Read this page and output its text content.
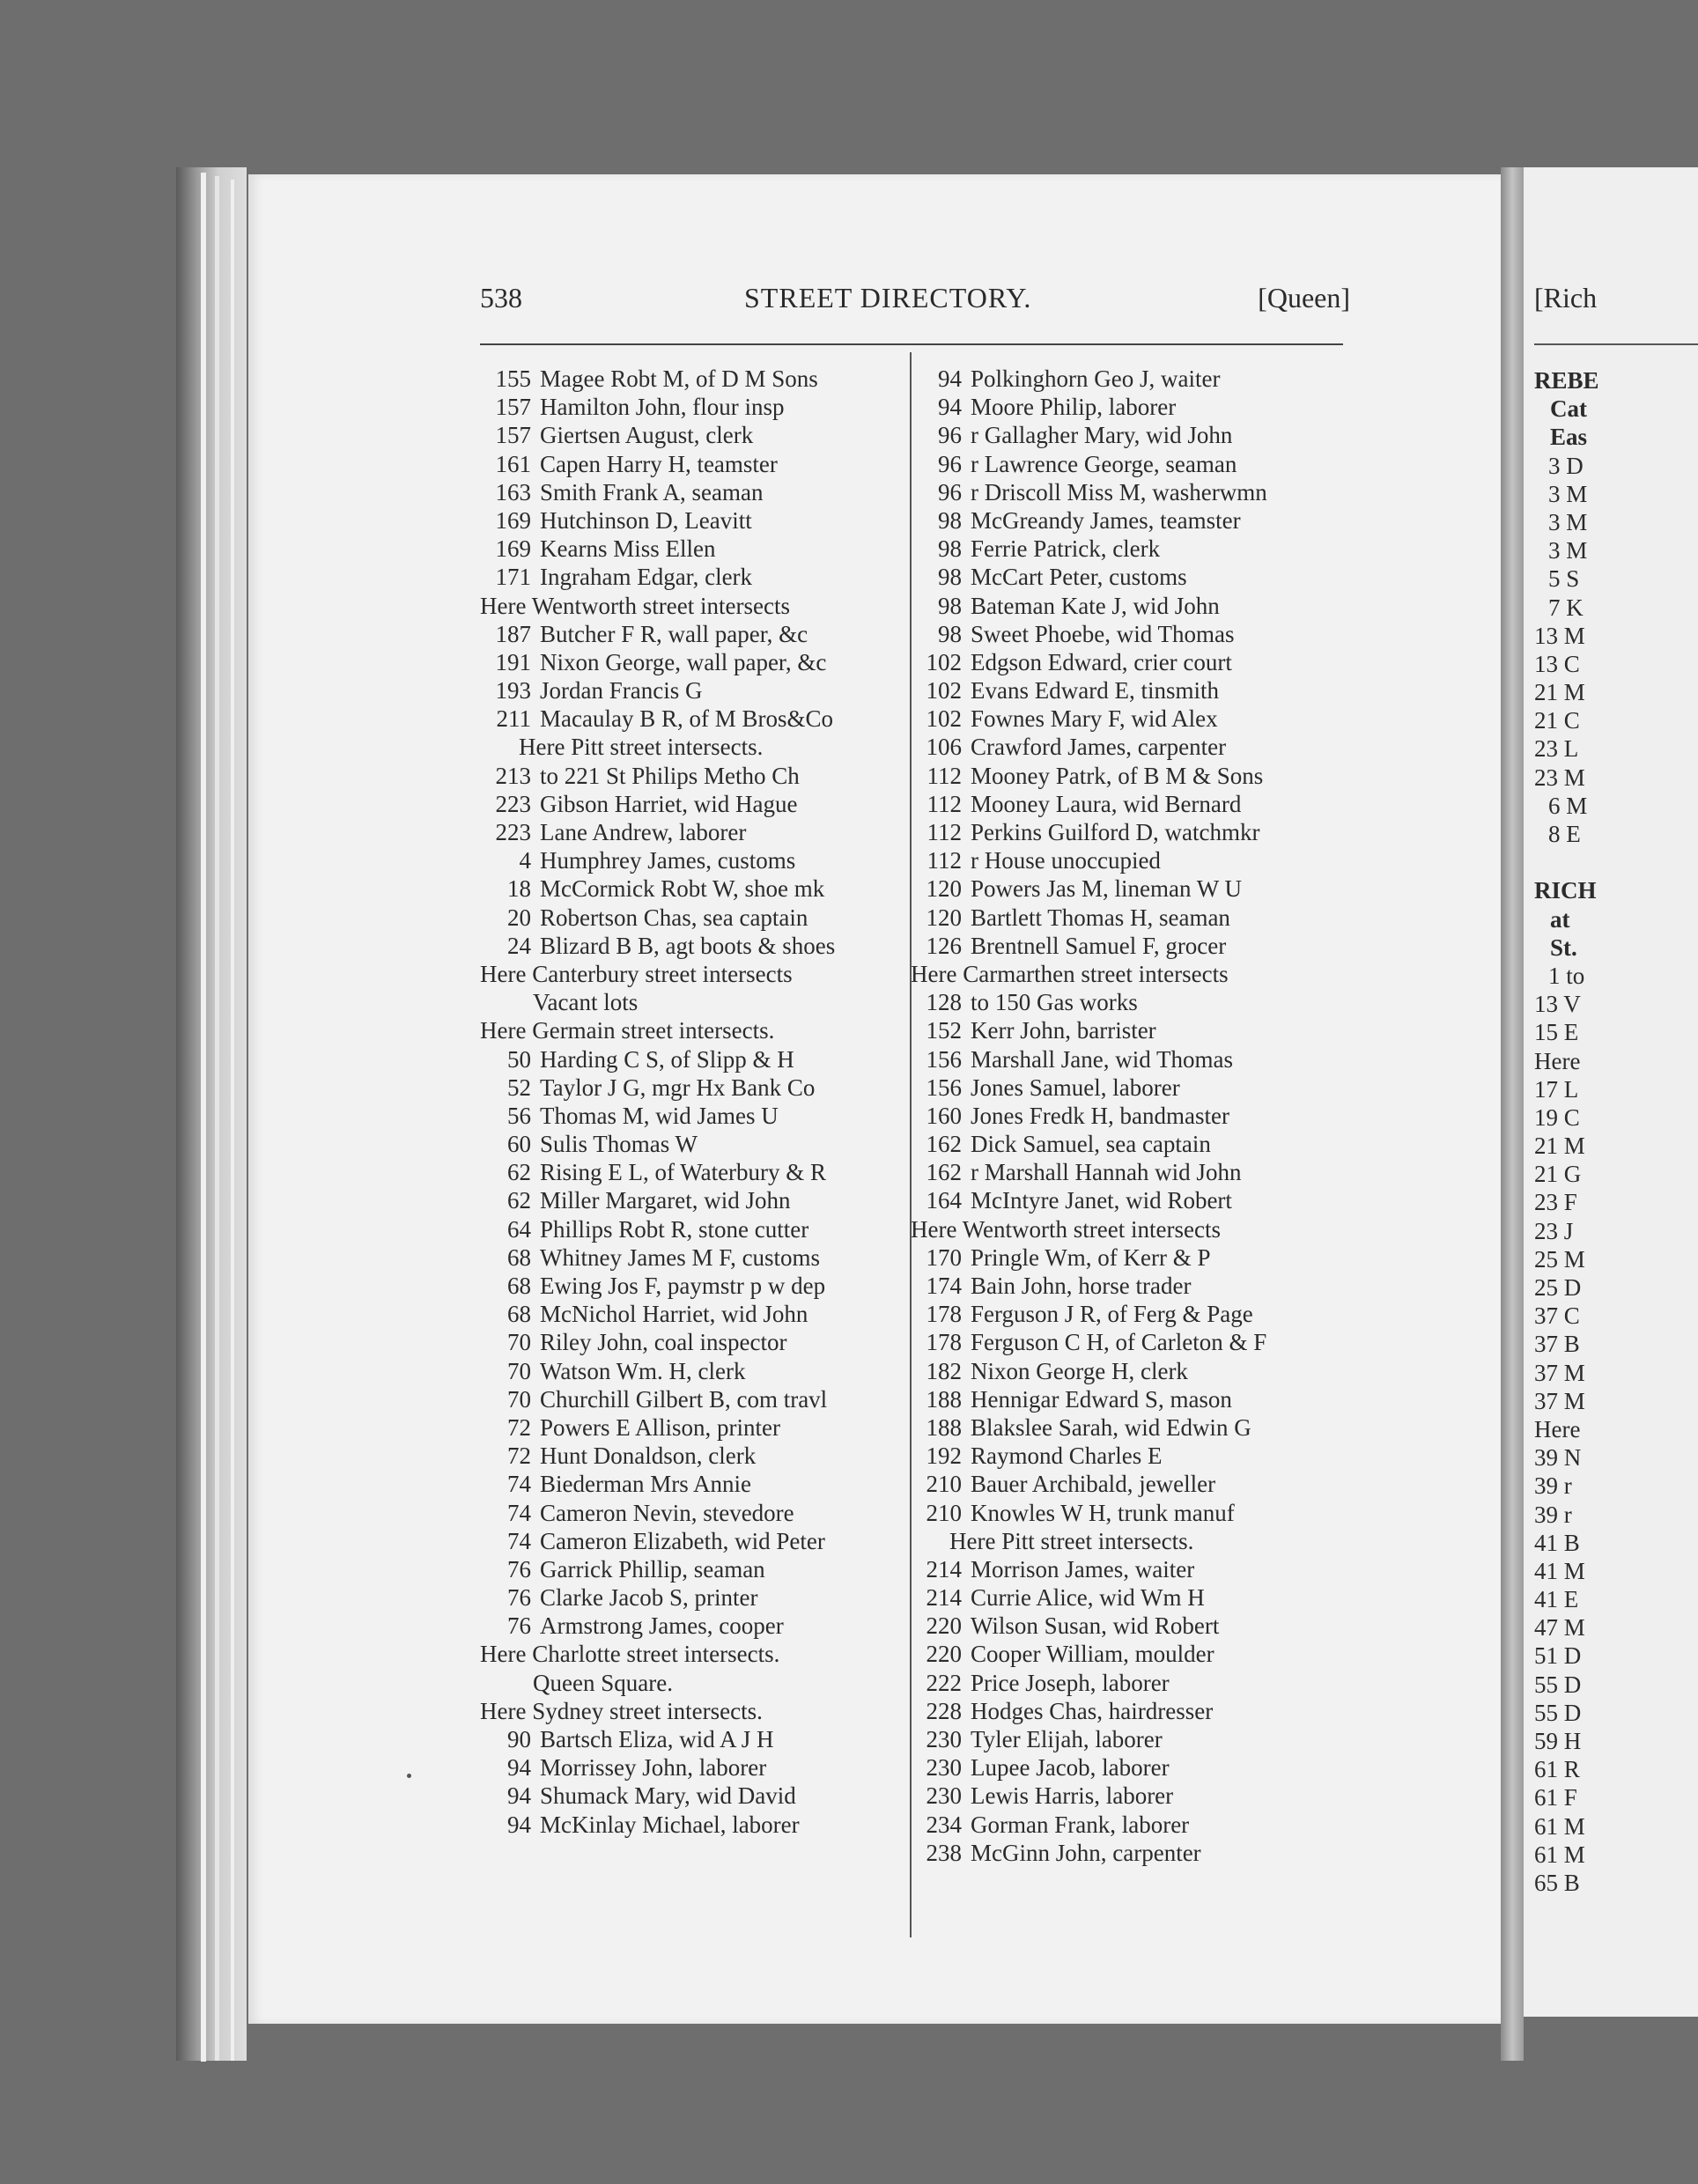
[Rich
REBE
Cat
Eas
3 D
3 M
3 M
3 M
5 S
7 K
13 M
13 C
21 M
21 C
23 L
23 M
6 M
8 E
RICH
at
St.
1 to
13 V
15 E
Here
17 L
19 C
21 M
21 G
23 F
23 J
25 M
25 D
37 C
37 B
37 M
37 M
Here
39 N
39 r
39 r
41 B
41 M
41 E
47 M
51 D
55 D
55 D
59 H
61 R
61 F
61 M
61 M
65 B
538	STREET DIRECTORY.	[Queen]
155 Magee Robt M, of D M Sons
157 Hamilton John, flour insp
157 Giertsen August, clerk
161 Capen Harry H, teamster
163 Smith Frank A, seaman
169 Hutchinson D, Leavitt
169 Kearns Miss Ellen
171 Ingraham Edgar, clerk
Here Wentworth street intersects
187 Butcher F R, wall paper, &c
191 Nixon George, wall paper, &c
193 Jordan Francis G
211 Macaulay B R, of M Bros&Co
Here Pitt street intersects.
213 to 221 St Philips Metho Ch
223 Gibson Harriet, wid Hague
223 Lane Andrew, laborer
4 Humphrey James, customs
18 McCormick Robt W, shoe mk
20 Robertson Chas, sea captain
24 Blizard B B, agt boots & shoes
Here Canterbury street intersects
Vacant lots
Here Germain street intersects.
50 Harding C S, of Slipp & H
52 Taylor J G, mgr Hx Bank Co
56 Thomas M, wid James U
60 Sulis Thomas W
62 Rising E L, of Waterbury & R
62 Miller Margaret, wid John
64 Phillips Robt R, stone cutter
68 Whitney James M F, customs
68 Ewing Jos F, paymstr p w dep
68 McNichol Harriet, wid John
70 Riley John, coal inspector
70 Watson Wm. H, clerk
70 Churchill Gilbert B, com travl
72 Powers E Allison, printer
72 Hunt Donaldson, clerk
74 Biederman Mrs Annie
74 Cameron Nevin, stevedore
74 Cameron Elizabeth, wid Peter
76 Garrick Phillip, seaman
76 Clarke Jacob S, printer
76 Armstrong James, cooper
Here Charlotte street intersects.
Queen Square.
Here Sydney street intersects.
90 Bartsch Eliza, wid A J H
94 Morrissey John, laborer
94 Shumack Mary, wid David
94 McKinlay Michael, laborer
94 Polkinghorn Geo J, waiter
94 Moore Philip, laborer
96 r Gallagher Mary, wid John
96 r Lawrence George, seaman
96 r Driscoll Miss M, washerwmn
98 McGreandy James, teamster
98 Ferrie Patrick, clerk
98 McCart Peter, customs
98 Bateman Kate J, wid John
98 Sweet Phoebe, wid Thomas
102 Edgson Edward, crier court
102 Evans Edward E, tinsmith
102 Fownes Mary F, wid Alex
106 Crawford James, carpenter
112 Mooney Patrk, of B M & Sons
112 Mooney Laura, wid Bernard
112 Perkins Guilford D, watchmkr
112 r House unoccupied
120 Powers Jas M, lineman W U
120 Bartlett Thomas H, seaman
126 Brentnell Samuel F, grocer
Here Carmarthen street intersects
128 to 150 Gas works
152 Kerr John, barrister
156 Marshall Jane, wid Thomas
156 Jones Samuel, laborer
160 Jones Fredk H, bandmaster
162 Dick Samuel, sea captain
162 r Marshall Hannah wid John
164 McIntyre Janet, wid Robert
Here Wentworth street intersects
170 Pringle Wm, of Kerr & P
174 Bain John, horse trader
178 Ferguson J R, of Ferg & Page
178 Ferguson C H, of Carleton & F
182 Nixon George H, clerk
188 Hennigar Edward S, mason
188 Blakslee Sarah, wid Edwin G
192 Raymond Charles E
210 Bauer Archibald, jeweller
210 Knowles W H, trunk manuf
Here Pitt street intersects.
214 Morrison James, waiter
214 Currie Alice, wid Wm H
220 Wilson Susan, wid Robert
220 Cooper William, moulder
222 Price Joseph, laborer
228 Hodges Chas, hairdresser
230 Tyler Elijah, laborer
230 Lupee Jacob, laborer
230 Lewis Harris, laborer
234 Gorman Frank, laborer
238 McGinn John, carpenter
